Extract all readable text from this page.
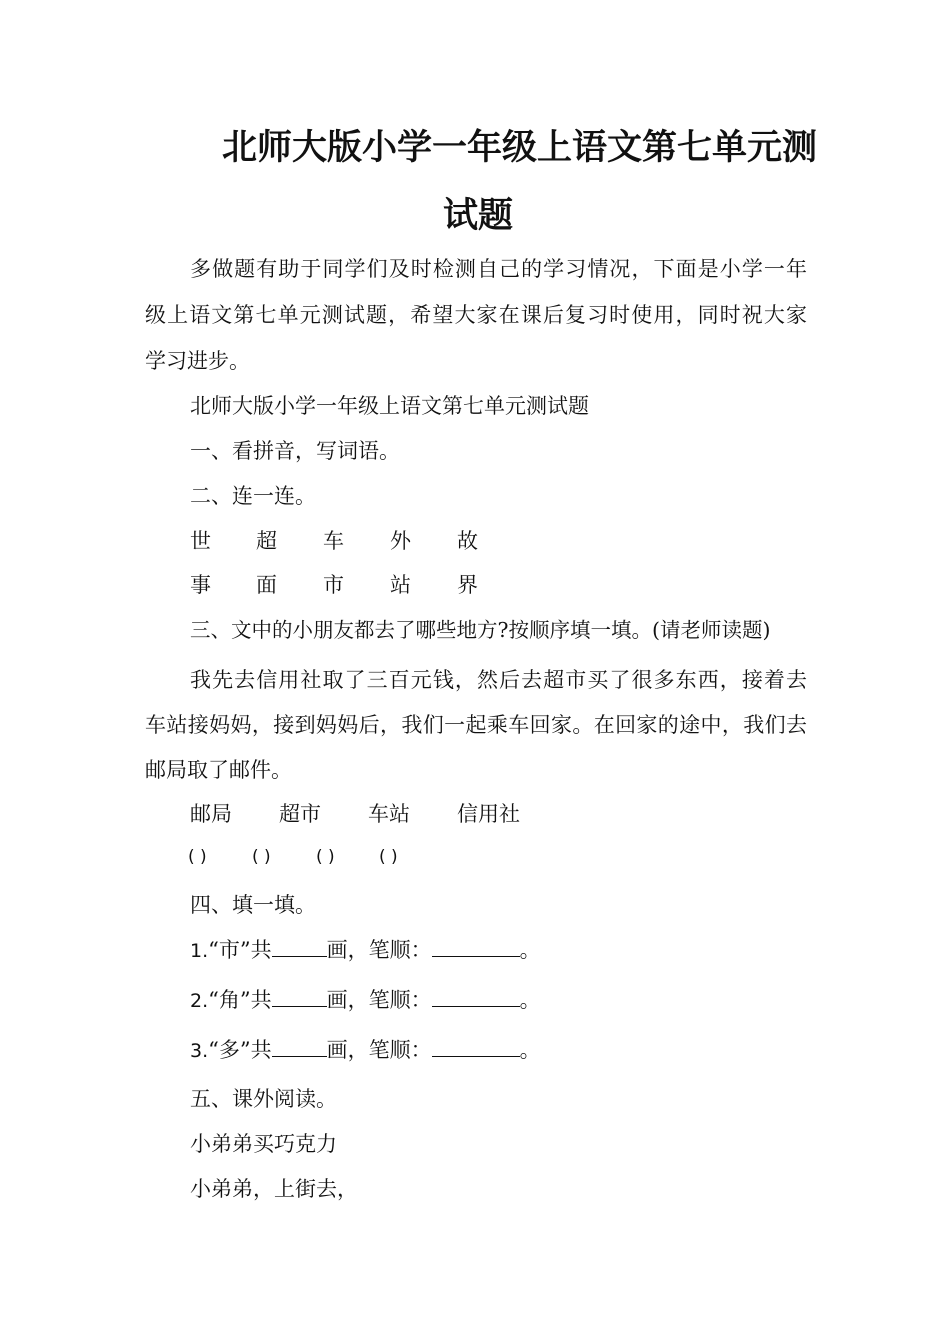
北师大版小学一年级上语文第七单元测
试题
多做题有助于同学们及时检测自己的学习情况，下面是小学一年
级上语文第七单元测试题，希望大家在课后复习时使用，同时祝大家
学习进步。
北师大版小学一年级上语文第七单元测试题
一、看拼音，写词语。
二、连一连。
世 超 车 外 故
事 面 市 站 界
三、文中的小朋友都去了哪些地方?按顺序填一填。(请老师读题)
我先去信用社取了三百元钱，然后去超市买了很多东西，接着去
车站接妈妈，接到妈妈后，我们一起乘车回家。在回家的途中，我们去
邮局取了邮件。
邮局 超市 车站 信用社
( )	( )	( )	( )
四、填一填。
1.“市”共	画，笔顺：	。
2.“角”共	画，笔顺：	。
3.“多”共	画，笔顺：	。
五、课外阅读。
小弟弟买巧克力
小弟弟，上街去，
